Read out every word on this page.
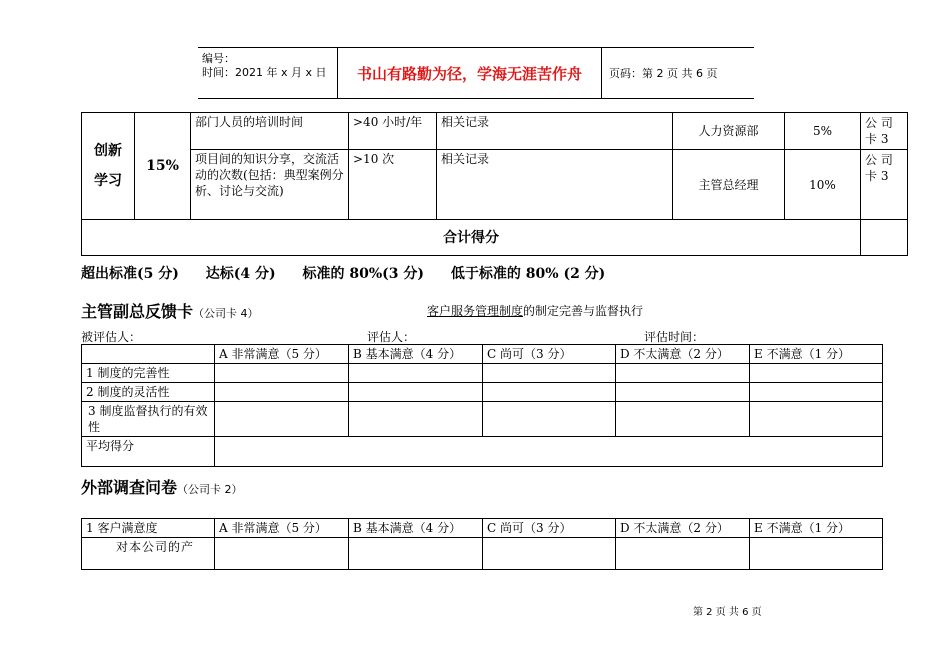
编号：
时间：2021 年 x 月 x 日	书山有路勤为径，学海无涯苦作舟	页码：第 2 页 共 6 页
创新
学习	15%	部门人员的培训时间	>40 小时/年	相关记录	人力资源部	5%	公 司 卡 3
		项目间的知识分享，交流活动的次数(包括：典型案例分析、讨论与交流)	>10 次	相关记录	主管总经理	10%	公 司 卡 3
合计得分							
超出标准(5 分) 达标(4 分) 标准的 80%(3 分) 低于标准的 80% (2 分)
主管副总反馈卡（公司卡 4）	客户服务管理制度的制定完善与监督执行
被评估人：	评估人：	评估时间：
	A 非常满意（5 分）	B 基本满意（4 分）	C 尚可（3 分）	D 不太满意（2 分）	E 不满意（1 分）
1 制度的完善性					
2 制度的灵活性					
3 制度监督执行的有效性					
平均得分					
外部调查问卷（公司卡 2）
1 客户满意度	A 非常满意（5 分）	B 基本满意（4 分）	C 尚可（3 分）	D 不太满意（2 分）	E 不满意（1 分）
对本公司的产					
第 2 页 共 6 页
